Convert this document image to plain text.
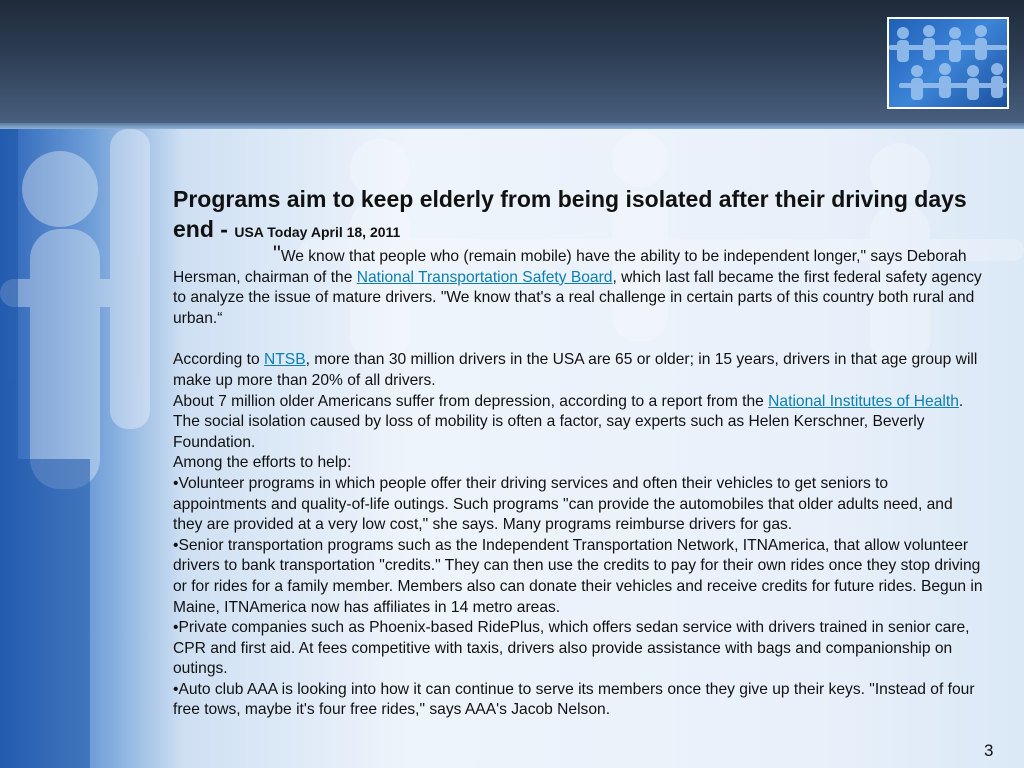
Programs aim to keep elderly from being isolated after their driving days end - USA Today April 18, 2011

"We know that people who (remain mobile) have the ability to be independent longer," says Deborah Hersman, chairman of the National Transportation Safety Board, which last fall became the first federal safety agency to analyze the issue of mature drivers. "We know that's a real challenge in certain parts of this country both rural and urban.“

According to NTSB, more than 30 million drivers in the USA are 65 or older; in 15 years, drivers in that age group will make up more than 20% of all drivers.

About 7 million older Americans suffer from depression, according to a report from the National Institutes of Health. The social isolation caused by loss of mobility is often a factor, say experts such as Helen Kerschner, Beverly Foundation.

Among the efforts to help:

•Volunteer programs in which people offer their driving services and often their vehicles to get seniors to appointments and quality-of-life outings. Such programs "can provide the automobiles that older adults need, and they are provided at a very low cost," she says. Many programs reimburse drivers for gas.

•Senior transportation programs such as the Independent Transportation Network, ITNAmerica, that allow volunteer drivers to bank transportation "credits." They can then use the credits to pay for their own rides once they stop driving or for rides for a family member. Members also can donate their vehicles and receive credits for future rides. Begun in Maine, ITNAmerica now has affiliates in 14 metro areas.

•Private companies such as Phoenix-based RidePlus, which offers sedan service with drivers trained in senior care, CPR and first aid. At fees competitive with taxis, drivers also provide assistance with bags and companionship on outings.

•Auto club AAA is looking into how it can continue to serve its members once they give up their keys. "Instead of four free tows, maybe it's four free rides," says AAA's Jacob Nelson.

3
